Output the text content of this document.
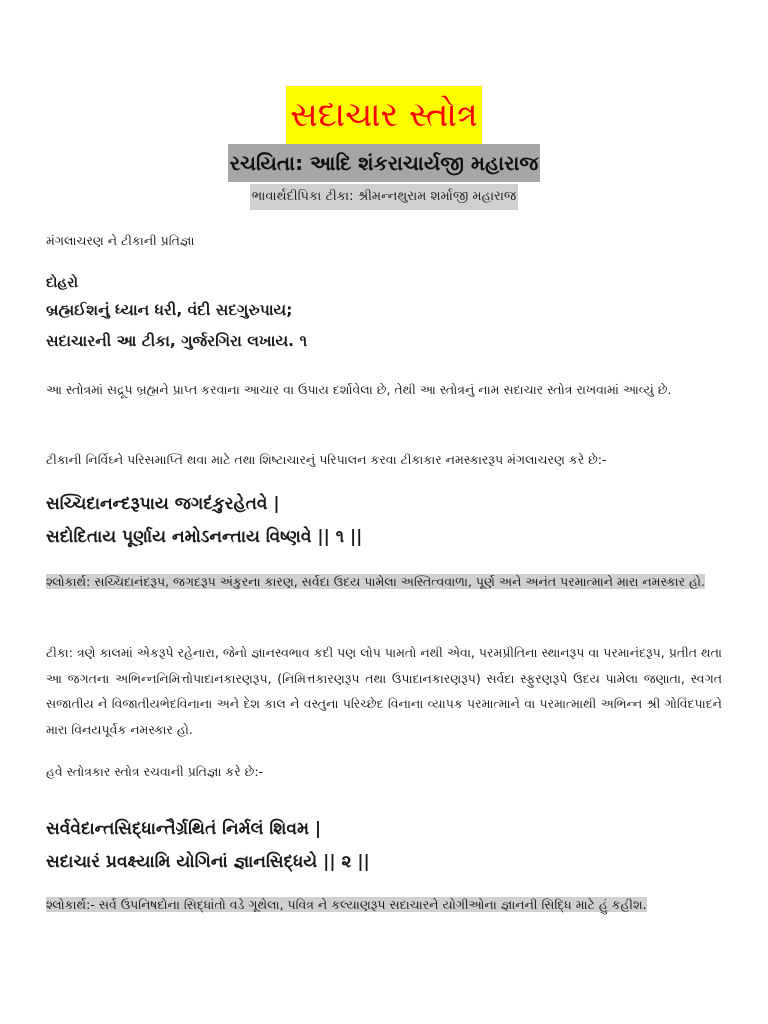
સદાચાર સ્તોત્ર
રચયિતા: આદિ શંકરાચાર્યજી મહારાજ
ભાવાર્થદીપિકા ટીકા: શ્રીમન્નથુરામ શર્માજી મહારાજ

મંગલાચરણ ને ટીકાની પ્રતિજ્ઞા

દોહરો

બ્રહ્મઈશનું ધ્યાન ધરી, વંદી સદગુરુપાય;
સદાચારની આ ટીકા, ગુર્જરગિરા લખાય. ૧

આ સ્તોત્રમાં સદ્રૂપ બ્રહ્મને પ્રાપ્ત કરવાના આચાર વા ઉપાય દર્શાવેલા છે, તેથી આ સ્તોત્રનું નામ સદાચાર સ્તોત્ર રાખવામાં આવ્યું છે.

ટીકાની નિર્વિઘ્ને પરિસમાપ્તિ થવા માટે તથા શિષ્ટાચારનું પરિપાલન કરવા ટીકાકાર નમસ્કારરૂપ મંગલાચરણ કરે છે:-

સચ્ચિદાનન્દરૂપાય જગદંકુરહેતવે |
સદોદિતાય પૂર્ણાય નમોઽનન્તાય વિષ્ણવે || ૧ ||

શ્લોકાર્થ: સચ્ચિદાનંદરૂપ, જગદરૂપ અંકુરના કારણ, સર્વદા ઉદય પામેલા અસ્તિત્વવાળા, પૂર્ણ અને અનંત પરમાત્માને મારા નમસ્કાર હો.

ટીકા: ત્રણે કાલમાં એકરૂપે રહેનારા, જેનો જ્ઞાનસ્વભાવ કદી પણ લોપ પામતો નથી એવા, પરમપ્રીતિના સ્થાનરૂપ વા પરમાનંદરૂપ, પ્રતીત થતા આ જગતના અભિન્નનિમિત્તોપાદાનકારણરૂપ, (નિમિત્તકારણરૂપ તથા ઉપાદાનકારણરૂપ) સર્વદા સ્ફુરણરૂપે ઉદય પામેલા જણાતા, સ્વગત સજાતીય ને વિજાતીયભેદવિનાના અને દેશ કાલ ને વસ્તુના પરિચ્છેદ વિનાના વ્યાપક પરમાત્માને વા પરમાત્માથી અભિન્ન શ્રી ગોવિંદપાદને મારા વિનયપૂર્વક નમસ્કાર હો.

હવે સ્તોત્રકાર સ્તોત્ર રચવાની પ્રતિજ્ઞા કરે છે:-

સર્વવેદાન્તસિદ્ધાન્તૈર્ગ્રથિતં નિર્મલં શિવમ |
સદાચારં પ્રવક્ષ્યામિ યોગિનાં જ્ઞાનસિદ્ધયે || ૨ ||

શ્લોકાર્થ:- સર્વ ઉપનિષદોના સિદ્ધાંતો વડે ગૂથેલા, પવિત્ર ને કલ્યાણરૂપ સદાચારને યોગીઓના જ્ઞાનની સિદ્ધિ માટે હું કહીશ.
